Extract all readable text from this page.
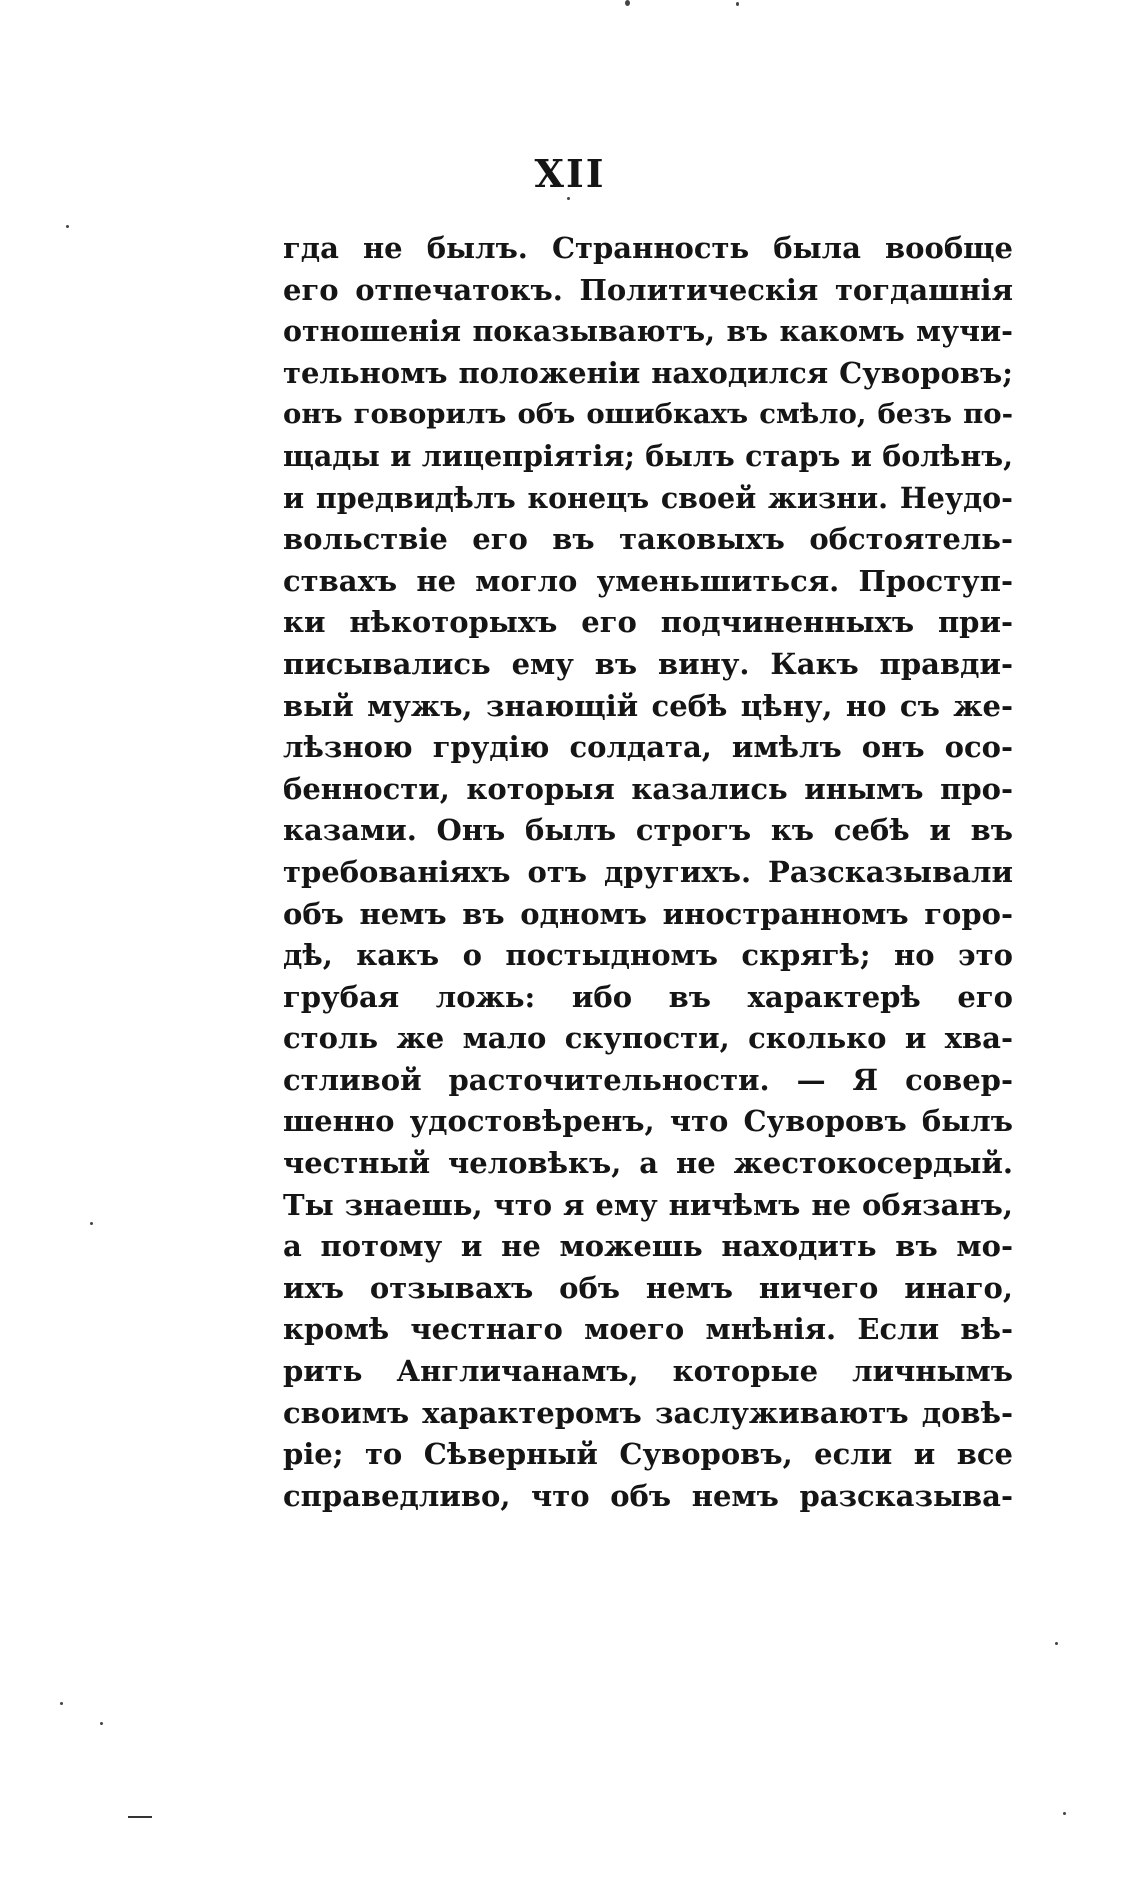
XII
гда не былъ. Странность была вообще
его отпечатокъ. Политическія тогдашнія
отношенія показываютъ, въ какомъ мучи-
тельномъ положеніи находился Суворовъ;
онъ говорилъ объ ошибкахъ смѣло, безъ по-
щады и лицепріятія; былъ старъ и болѣнъ,
и предвидѣлъ конецъ своей жизни. Неудо-
вольствіе его въ таковыхъ обстоятель-
ствахъ не могло уменьшиться. Проступ-
ки нѣкоторыхъ его подчиненныхъ при-
писывались ему въ вину. Какъ правди-
вый мужъ, знающій себѣ цѣну, но съ же-
лѣзною грудію солдата, имѣлъ онъ осо-
бенности, которыя казались инымъ про-
казами. Онъ былъ строгъ къ себѣ и въ
требованіяхъ отъ другихъ. Разсказывали
объ немъ въ одномъ иностранномъ горо-
дѣ, какъ о постыдномъ скрягѣ; но это
грубая ложь: ибо въ характерѣ его
столь же мало скупости, сколько и хва-
стливой расточительности. — Я совер-
шенно удостовѣренъ, что Суворовъ былъ
честный человѣкъ, а не жестокосердый.
Ты знаешь, что я ему ничѣмъ не обязанъ,
а потому и не можешь находить въ мо-
ихъ отзывахъ объ немъ ничего инаго,
кромѣ честнаго моего мнѣнія. Если вѣ-
рить Англичанамъ, которые личнымъ
своимъ характеромъ заслуживаютъ довѣ-
ріе; то Сѣверный Суворовъ, если и все
справедливо, что объ немъ разсказыва-
